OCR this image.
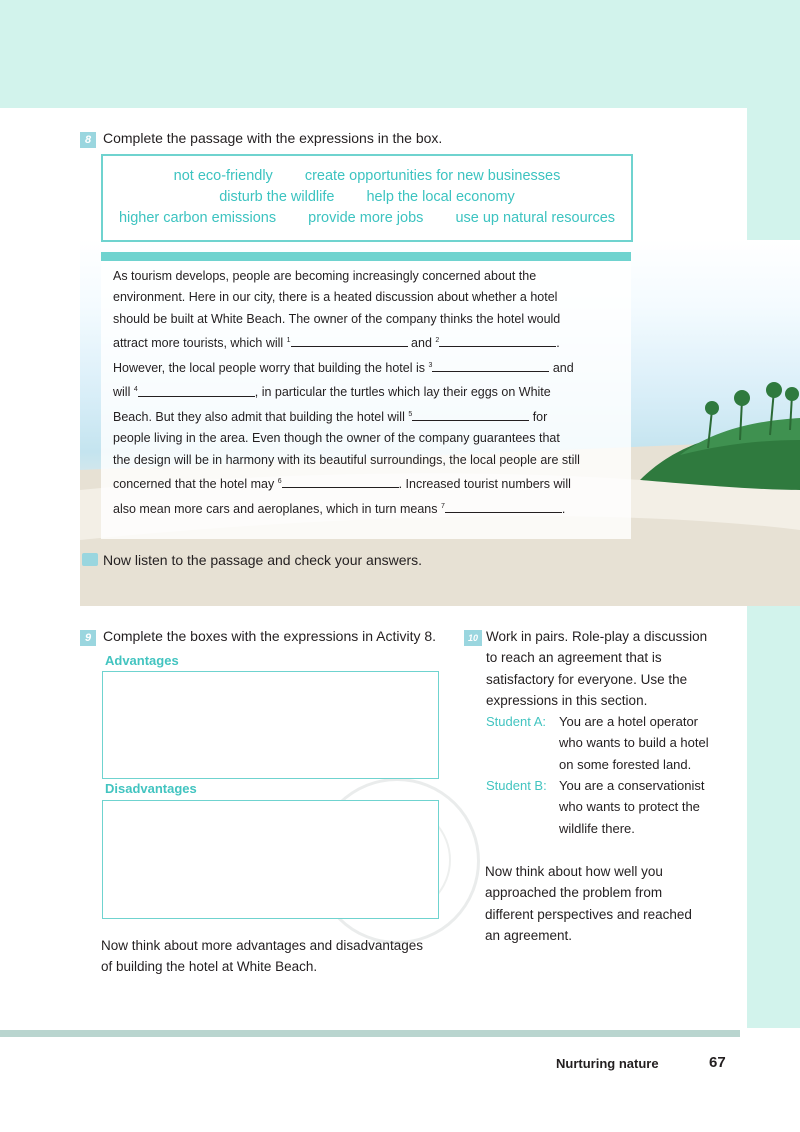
8 Complete the passage with the expressions in the box.
not eco-friendly create opportunities for new businesses
disturb the wildlife help the local economy
higher carbon emissions provide more jobs use up natural resources
As tourism develops, people are becoming increasingly concerned about the
environment. Here in our city, there is a heated discussion about whether a hotel
should be built at White Beach. The owner of the company thinks the hotel would
attract more tourists, which will $^1$	and $^2$	.
However, the local people worry that building the hotel is $^3$	and
will $^4$	, in particular the turtles which lay their eggs on White
Beach. But they also admit that building the hotel will $^5$	for
people living in the area. Even though the owner of the company guarantees that
the design will be in harmony with its beautiful surroundings, the local people are still
concerned that the hotel may $^6$	. Increased tourist numbers will
also mean more cars and aeroplanes, which in turn means $^7$	.
Now listen to the passage and check your answers.
9 Complete the boxes with the expressions in Activity 8.
Advantages
Disadvantages
Now think about more advantages and disadvantages
of building the hotel at White Beach.
10 Work in pairs. Role-play a discussion
to reach an agreement that is
satisfactory for everyone. Use the
expressions in this section.
Student A: You are a hotel operator
who wants to build a hotel
on some forested land.
Student B: You are a conservationist
who wants to protect the
wildlife there.
Now think about how well you
approached the problem from
different perspectives and reached
an agreement.
Nurturing nature	67
